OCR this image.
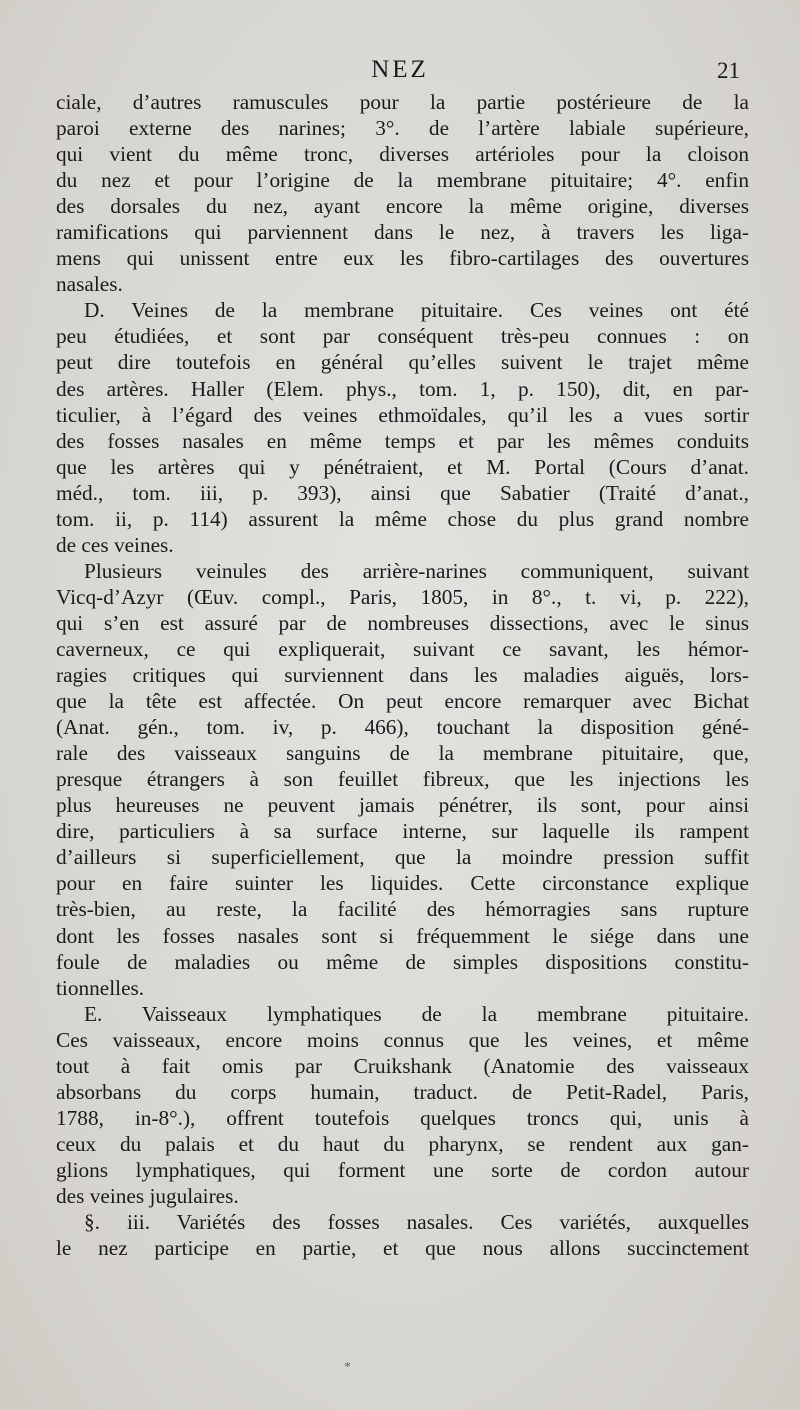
NEZ	21
ciale, d’autres ramuscules pour la partie postérieure de la
paroi externe des narines; 3°. de l’artère labiale supérieure,
qui vient du même tronc, diverses artérioles pour la cloison
du nez et pour l’origine de la membrane pituitaire; 4°. enfin
des dorsales du nez, ayant encore la même origine, diverses
ramifications qui parviennent dans le nez, à travers les liga-
mens qui unissent entre eux les fibro-cartilages des ouvertures
nasales.
D. Veines de la membrane pituitaire. Ces veines ont été
peu étudiées, et sont par conséquent très-peu connues : on
peut dire toutefois en général qu’elles suivent le trajet même
des artères. Haller (Elem. phys., tom. 1, p. 150), dit, en par-
ticulier, à l’égard des veines ethmoïdales, qu’il les a vues sortir
des fosses nasales en même temps et par les mêmes conduits
que les artères qui y pénétraient, et M. Portal (Cours d’anat.
méd., tom. iii, p. 393), ainsi que Sabatier (Traité d’anat.,
tom. ii, p. 114) assurent la même chose du plus grand nombre
de ces veines.
Plusieurs veinules des arrière-narines communiquent, suivant
Vicq-d’Azyr (Œuv. compl., Paris, 1805, in 8°., t. vi, p. 222),
qui s’en est assuré par de nombreuses dissections, avec le sinus
caverneux, ce qui expliquerait, suivant ce savant, les hémor-
ragies critiques qui surviennent dans les maladies aiguës, lors-
que la tête est affectée. On peut encore remarquer avec Bichat
(Anat. gén., tom. iv, p. 466), touchant la disposition géné-
rale des vaisseaux sanguins de la membrane pituitaire, que,
presque étrangers à son feuillet fibreux, que les injections les
plus heureuses ne peuvent jamais pénétrer, ils sont, pour ainsi
dire, particuliers à sa surface interne, sur laquelle ils rampent
d’ailleurs si superficiellement, que la moindre pression suffit
pour en faire suinter les liquides. Cette circonstance explique
très-bien, au reste, la facilité des hémorragies sans rupture
dont les fosses nasales sont si fréquemment le siége dans une
foule de maladies ou même de simples dispositions constitu-
tionnelles.
E. Vaisseaux lymphatiques de la membrane pituitaire.
Ces vaisseaux, encore moins connus que les veines, et même
tout à fait omis par Cruikshank (Anatomie des vaisseaux
absorbans du corps humain, traduct. de Petit-Radel, Paris,
1788, in-8°.), offrent toutefois quelques troncs qui, unis à
ceux du palais et du haut du pharynx, se rendent aux gan-
glions lymphatiques, qui forment une sorte de cordon autour
des veines jugulaires.
§. iii. Variétés des fosses nasales. Ces variétés, auxquelles
le nez participe en partie, et que nous allons succinctement
*
